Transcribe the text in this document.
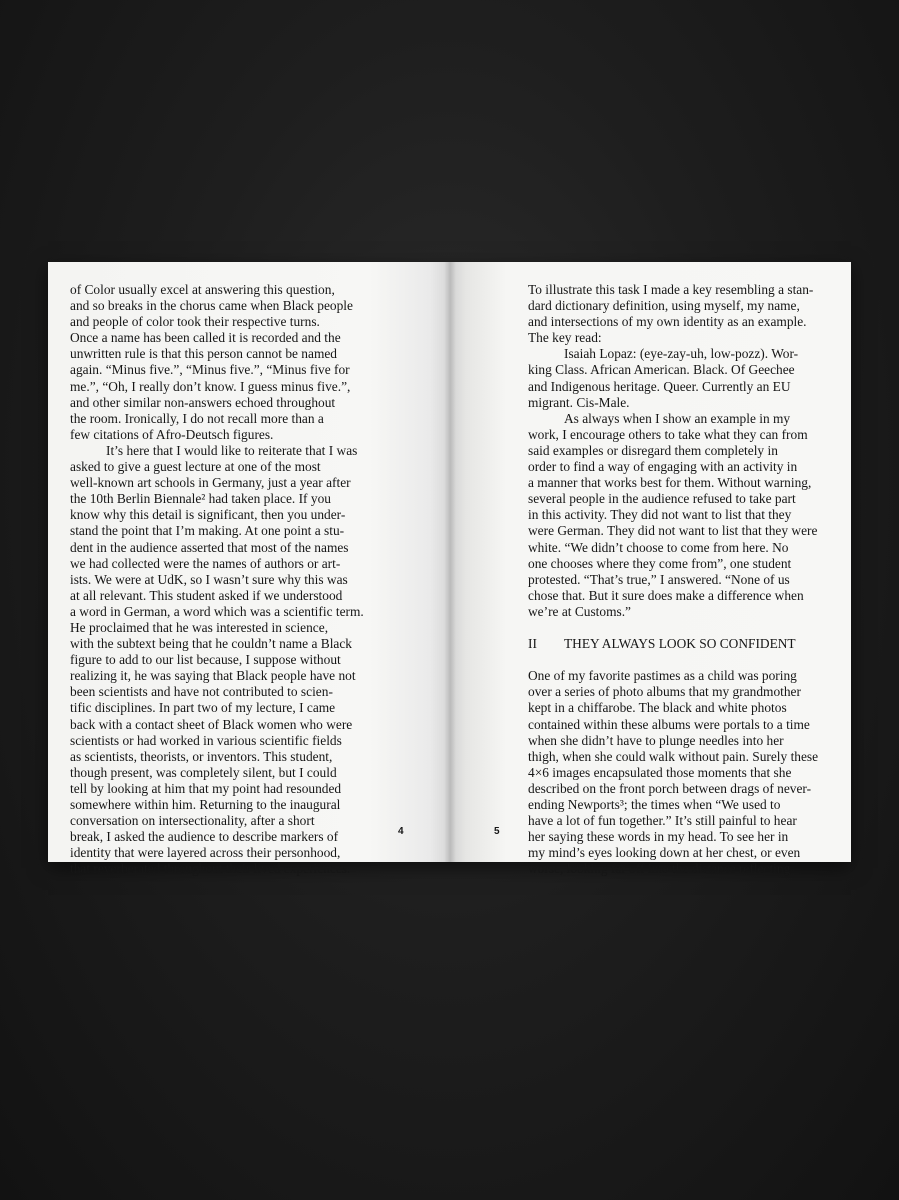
of Color usually excel at answering this question,

and so breaks in the chorus came when Black people

and people of color took their respective turns.

Once a name has been called it is recorded and the

unwritten rule is that this person cannot be named

again. “Minus five.”, “Minus five.”, “Minus five for

me.”, “Oh, I really don’t know. I guess minus five.”,

and other similar non-answers echoed throughout

the room. Ironically, I do not recall more than a

few citations of Afro-Deutsch figures.

It’s here that I would like to reiterate that I was

asked to give a guest lecture at one of the most

well-known art schools in Germany, just a year after

the 10th Berlin Biennale² had taken place. If you

know why this detail is significant, then you under-

stand the point that I’m making. At one point a stu-

dent in the audience asserted that most of the names

we had collected were the names of authors or art-

ists. We were at UdK, so I wasn’t sure why this was

at all relevant. This student asked if we understood

a word in German, a word which was a scientific term.

He proclaimed that he was interested in science,

with the subtext being that he couldn’t name a Black

figure to add to our list because, I suppose without

realizing it, he was saying that Black people have not

been scientists and have not contributed to scien-

tific disciplines. In part two of my lecture, I came

back with a contact sheet of Black women who were

scientists or had worked in various scientific fields

as scientists, theorists, or inventors. This student,

though present, was completely silent, but I could

tell by looking at him that my point had resounded

somewhere within him. Returning to the inaugural

conversation on intersectionality, after a short

break, I asked the audience to describe markers of

identity that were layered across their personhood,

that reverberated throughout their lived experiences.

4

To illustrate this task I made a key resembling a stan-

dard dictionary definition, using myself, my name,

and intersections of my own identity as an example.

The key read:

Isaiah Lopaz: (eye-zay-uh, low-pozz). Wor-

king Class. African American. Black. Of Geechee

and Indigenous heritage. Queer. Currently an EU

migrant. Cis-Male.

As always when I show an example in my

work, I encourage others to take what they can from

said examples or disregard them completely in

order to find a way of engaging with an activity in

a manner that works best for them. Without warning,

several people in the audience refused to take part

in this activity. They did not want to list that they

were German. They did not want to list that they were

white. “We didn’t choose to come from here. No

one chooses where they come from”, one student

protested. “That’s true,” I answered. “None of us

chose that. But it sure does make a difference when

we’re at Customs.”

II	THEY ALWAYS LOOK SO CONFIDENT

One of my favorite pastimes as a child was poring

over a series of photo albums that my grandmother

kept in a chiffarobe. The black and white photos

contained within these albums were portals to a time

when she didn’t have to plunge needles into her

thigh, when she could walk without pain. Surely these

4×6 images encapsulated those moments that she

described on the front porch between drags of never-

ending Newports³; the times when “We used to

have a lot of fun together.” It’s still painful to hear

her saying these words in my head. To see her in

my mind’s eyes looking down at her chest, or even

worse, looking far off into the distance reflecting

5
